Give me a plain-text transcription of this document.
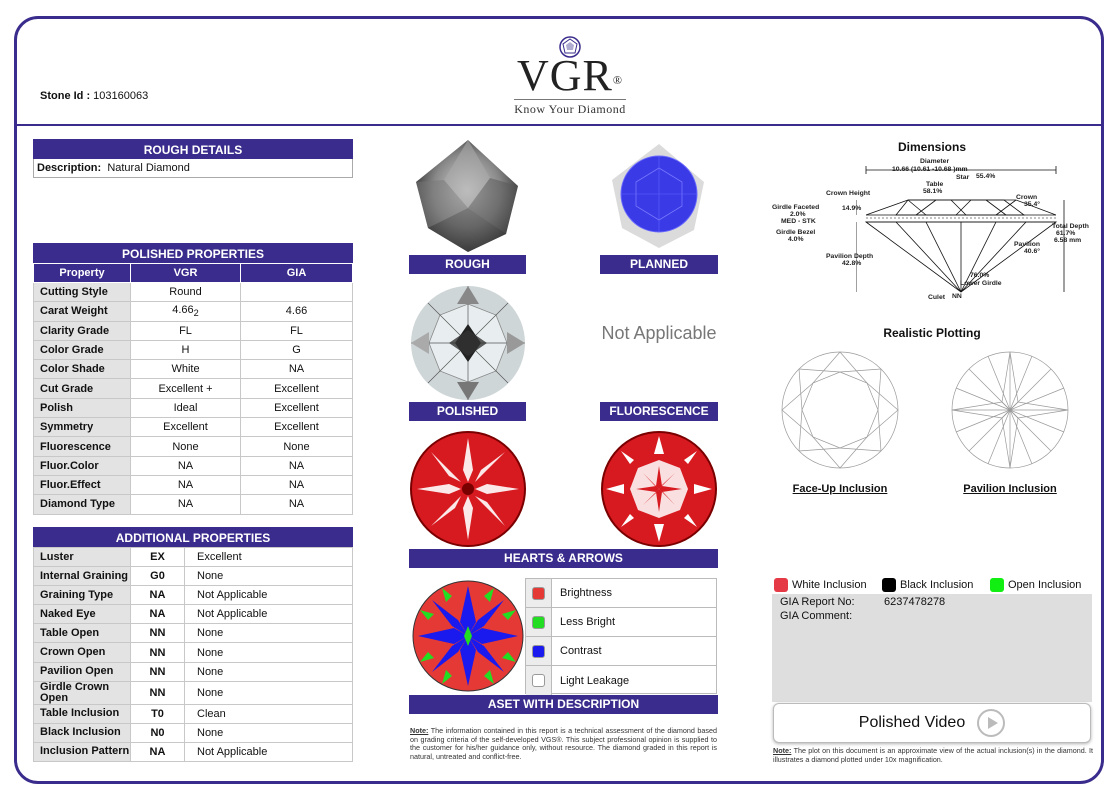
Stone Id : 103160063	VGR®
Know Your Diamond
ROUGH DETAILS
Description: Natural Diamond
POLISHED PROPERTIES
Property	VGR	GIA
Cutting Style	Round	
Carat Weight	$4.66_2$	4.66
Clarity Grade	FL	FL
Color Grade	H	G
Color Shade	White	NA
Cut Grade	Excellent +	Excellent
Polish	Ideal	Excellent
Symmetry	Excellent	Excellent
Fluorescence	None	None
Fluor.Color	NA	NA
Fluor.Effect	NA	NA
Diamond Type	NA	NA
ADDITIONAL PROPERTIES
Luster	EX	Excellent
Internal Graining	G0	None
Graining Type	NA	Not Applicable
Naked Eye	NA	Not Applicable
Table Open	NN	None
Crown Open	NN	None
Pavilion Open	NN	None
Girdle Crown Open	NN	None
Table Inclusion	T0	Clean
Black Inclusion	N0	None
Inclusion Pattern	NA	Not Applicable
ROUGH	PLANNED
POLISHED
Not Applicable
FLUORESCENCE
HEARTS & ARROWS
Brightness
Less Bright
Contrast
Light Leakage
ASET WITH DESCRIPTION
Note: The information contained in this report is a technical assessment of the diamond based on grading criteria of the self-developed VGS®. This subject professional opinion is supplied to the customer for his/her guidance only, without resource. The diamond graded in this report is natural, untreated and conflict-free.
Dimensions
Diameter
10.66 (10.61 -10.68 )mm
Star 55.4%
Table
58.1%
Crown Height
14.9%
Crown
35.4°
Girdle Faceted
2.0%
MED - STK
Girdle Bezel
4.0%
Total Depth
61.7%
6.58 mm
Pavilion
40.6°
Pavilion Depth
42.8%
76.0%
Lower Girdle
Culet NN
Realistic Plotting
Face-Up Inclusion	Pavilion Inclusion
White Inclusion	Black Inclusion	Open Inclusion
GIA Report No:	6237478278
GIA Comment:
Polished Video
Note: The plot on this document is an approximate view of the actual inclusion(s) in the diamond. It illustrates a diamond plotted under 10x magnification.
